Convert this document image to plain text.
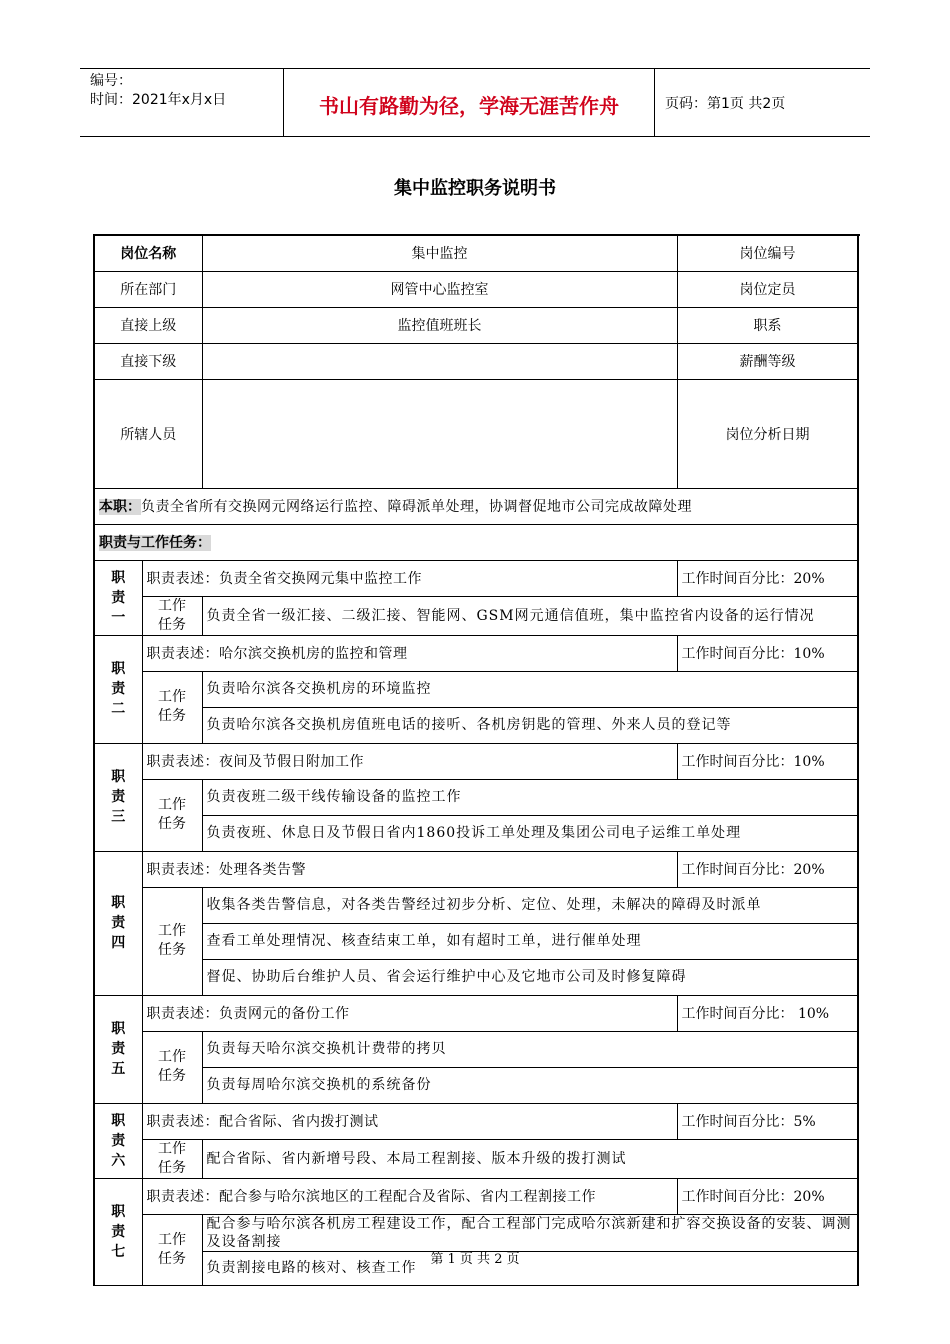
编号：
时间：2021年x月x日	书山有路勤为径，学海无涯苦作舟	页码：第1页 共2页
集中监控职务说明书
岗位名称		集中监控	岗位编号	
所在部门		网管中心监控室	岗位定员	
直接上级		监控值班班长	职系	
直接下级			薪酬等级	
所辖人员			岗位分析日期	
本职：负责全省所有交换网元网络运行监控、障碍派单处理，协调督促地市公司完成故障处理				
职责与工作任务：				

职
责
一	职责表述：负责全省交换网元集中监控工作		工作时间百分比：20%	

	工作
任务	负责全省一级汇接、二级汇接、智能网、GSM网元通信值班，集中监控省内设备的运行情况		

职
责
二	职责表述：哈尔滨交换机房的监控和管理		工作时间百分比：10%	

	工作
任务	负责哈尔滨各交换机房的环境监控		
		负责哈尔滨各交换机房值班电话的接听、各机房钥匙的管理、外来人员的登记等		

职
责
三	职责表述：夜间及节假日附加工作		工作时间百分比：10%	

	工作
任务	负责夜班二级干线传输设备的监控工作		
		负责夜班、休息日及节假日省内1860投诉工单处理及集团公司电子运维工单处理		

职
责
四	职责表述：处理各类告警		工作时间百分比：20%	

	工作
任务	收集各类告警信息，对各类告警经过初步分析、定位、处理，未解决的障碍及时派单		
		查看工单处理情况、核查结束工单，如有超时工单，进行催单处理		
		督促、协助后台维护人员、省会运行维护中心及它地市公司及时修复障碍		

职
责
五	职责表述：负责网元的备份工作		工作时间百分比： 10%	

	工作
任务	负责每天哈尔滨交换机计费带的拷贝		
		负责每周哈尔滨交换机的系统备份		

职
责
六	职责表述：配合省际、省内拨打测试		工作时间百分比：5%	

	工作
任务	配合省际、省内新增号段、本局工程割接、版本升级的拨打测试		

职
责
七	职责表述：配合参与哈尔滨地区的工程配合及省际、省内工程割接工作		工作时间百分比：20%	

	工作
任务	配合参与哈尔滨各机房工程建设工作，配合工程部门完成哈尔滨新建和扩容交换设备的安装、调测及设备割接		
		负责割接电路的核对、核查工作		
第 1 页 共 2 页
